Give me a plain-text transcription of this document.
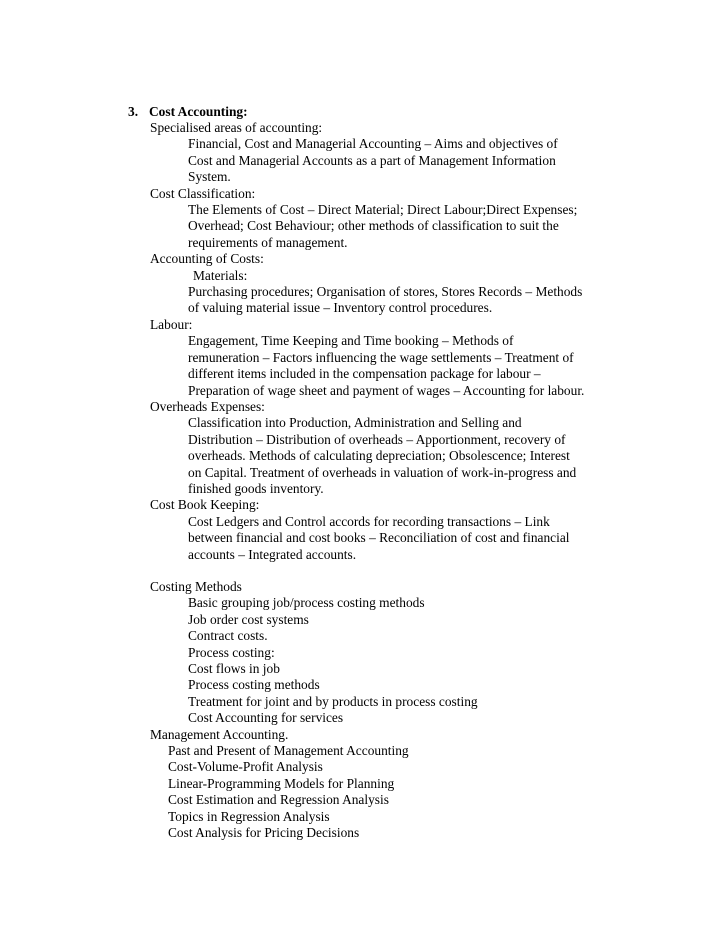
3. Cost Accounting:
Specialised areas of accounting:
Financial, Cost and Managerial Accounting – Aims and objectives of
Cost and Managerial Accounts as a part of Management Information
System.
Cost Classification:
The Elements of Cost – Direct Material; Direct Labour;Direct Expenses;
Overhead; Cost Behaviour; other methods of classification to suit the
requirements of management.
Accounting of Costs:
Materials:
Purchasing procedures; Organisation of stores, Stores Records – Methods
of valuing material issue – Inventory control procedures.
Labour:
Engagement, Time Keeping and Time booking – Methods of
remuneration – Factors influencing the wage settlements – Treatment of
different items included in the compensation package for labour –
Preparation of wage sheet and payment of wages – Accounting for labour.
Overheads Expenses:
Classification into Production, Administration and Selling and
Distribution – Distribution of overheads – Apportionment, recovery of
overheads. Methods of calculating depreciation; Obsolescence; Interest
on Capital. Treatment of overheads in valuation of work-in-progress and
finished goods inventory.
Cost Book Keeping:
Cost Ledgers and Control accords for recording transactions – Link
between financial and cost books – Reconciliation of cost and financial
accounts – Integrated accounts.
Costing Methods
Basic grouping job/process costing methods
Job order cost systems
Contract costs.
Process costing:
Cost flows in job
Process costing methods
Treatment for joint and by products in process costing
Cost Accounting for services
Management Accounting.
Past and Present of Management Accounting
Cost-Volume-Profit Analysis
Linear-Programming Models for Planning
Cost Estimation and Regression Analysis
Topics in Regression Analysis
Cost Analysis for Pricing Decisions
